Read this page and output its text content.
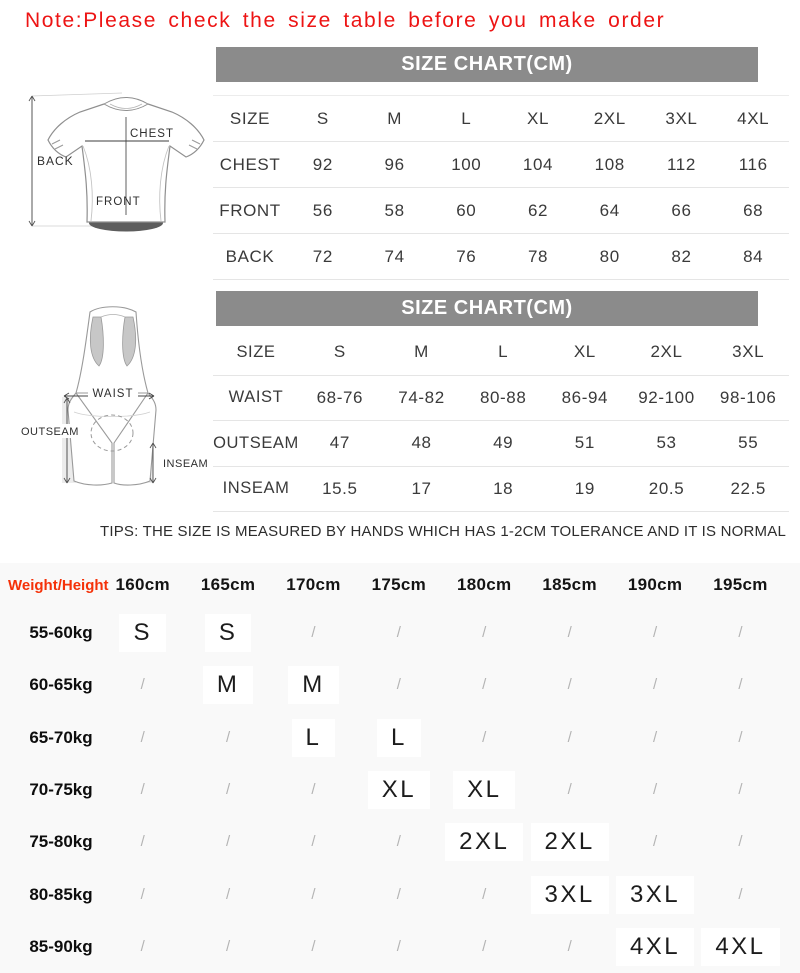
Note:Please check the size table before you make order
CHEST
BACK
FRONT
SIZE CHART(CM)
SIZE	S	M	L	XL	2XL	3XL	4XL
CHEST	92	96	100	104	108	112	116
FRONT	56	58	60	62	64	66	68
BACK	72	74	76	78	80	82	84
WAIST
OUTSEAM
INSEAM
SIZE CHART(CM)
SIZE	S	M	L	XL	2XL	3XL
WAIST	68-76	74-82	80-88	86-94	92-100	98-106
OUTSEAM	47	48	49	51	53	55
INSEAM	15.5	17	18	19	20.5	22.5
TIPS: THE SIZE IS MEASURED BY HANDS WHICH HAS 1-2CM TOLERANCE AND IT IS NORMAL
Weight/Height 160cm	165cm	170cm	175cm	180cm	185cm	190cm	195cm
55-60kg	S	S	/	/	/	/	/	/
60-65kg	/	M	M	/	/	/	/	/
65-70kg	/	/	L	L	/	/	/	/
70-75kg	/	/	/	XL	XL	/	/	/
75-80kg	/	/	/	/	2XL	2XL	/	/
80-85kg	/	/	/	/	/	3XL	3XL	/
85-90kg	/	/	/	/	/	/	4XL	4XL
